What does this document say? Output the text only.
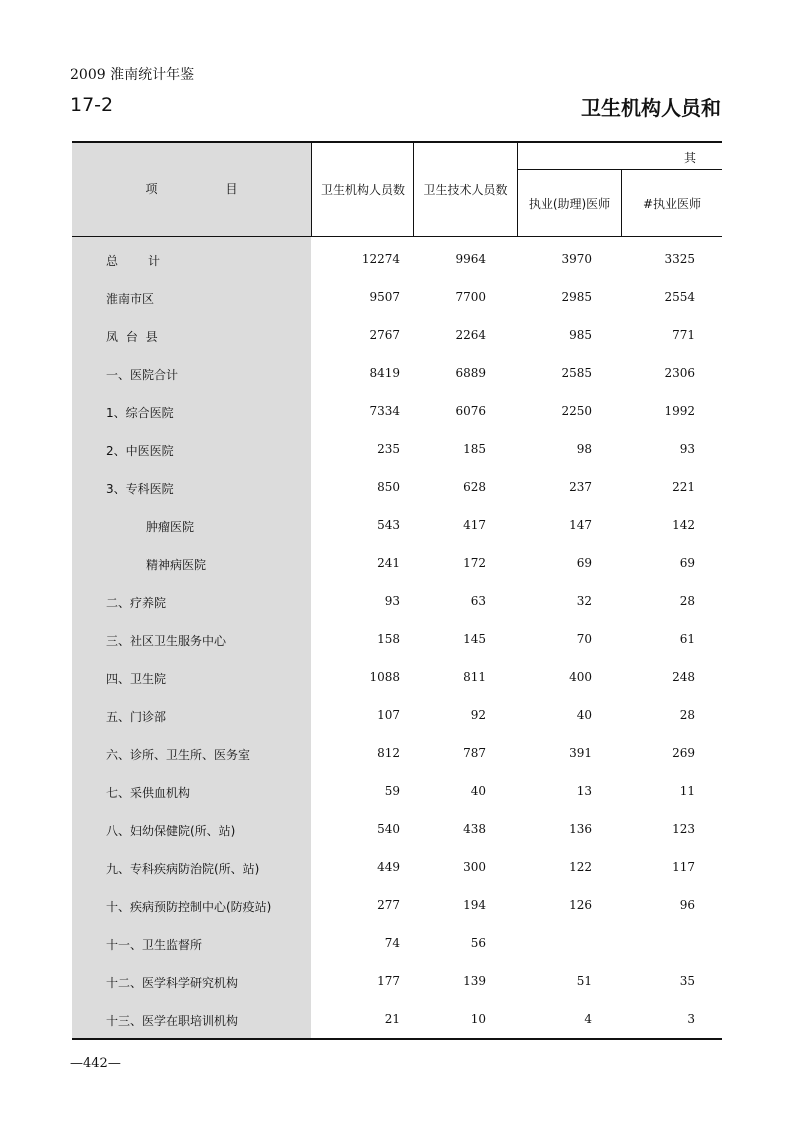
2009 淮南统计年鉴
17-2	卫生机构人员和
项　目	卫生机构人员数	卫生技术人员数
其
执业(助理)医师	#执业医师
总　　计	12274	9964	3970	3325
淮南市区	9507	7700	2985	2554
凤 台 县	2767	2264	985	771
一、医院合计	8419	6889	2585	2306
1、综合医院	7334	6076	2250	1992
2、中医医院	235	185	98	93
3、专科医院	850	628	237	221
肿瘤医院	543	417	147	142
精神病医院	241	172	69	69
二、疗养院	93	63	32	28
三、社区卫生服务中心	158	145	70	61
四、卫生院	1088	811	400	248
五、门诊部	107	92	40	28
六、诊所、卫生所、医务室	812	787	391	269
七、采供血机构	59	40	13	11
八、妇幼保健院(所、站)	540	438	136	123
九、专科疾病防治院(所、站)	449	300	122	117
十、疾病预防控制中心(防疫站)	277	194	126	96
十一、卫生监督所	74	56
十二、医学科学研究机构	177	139	51	35
十三、医学在职培训机构	21	10	4	3
—442—
